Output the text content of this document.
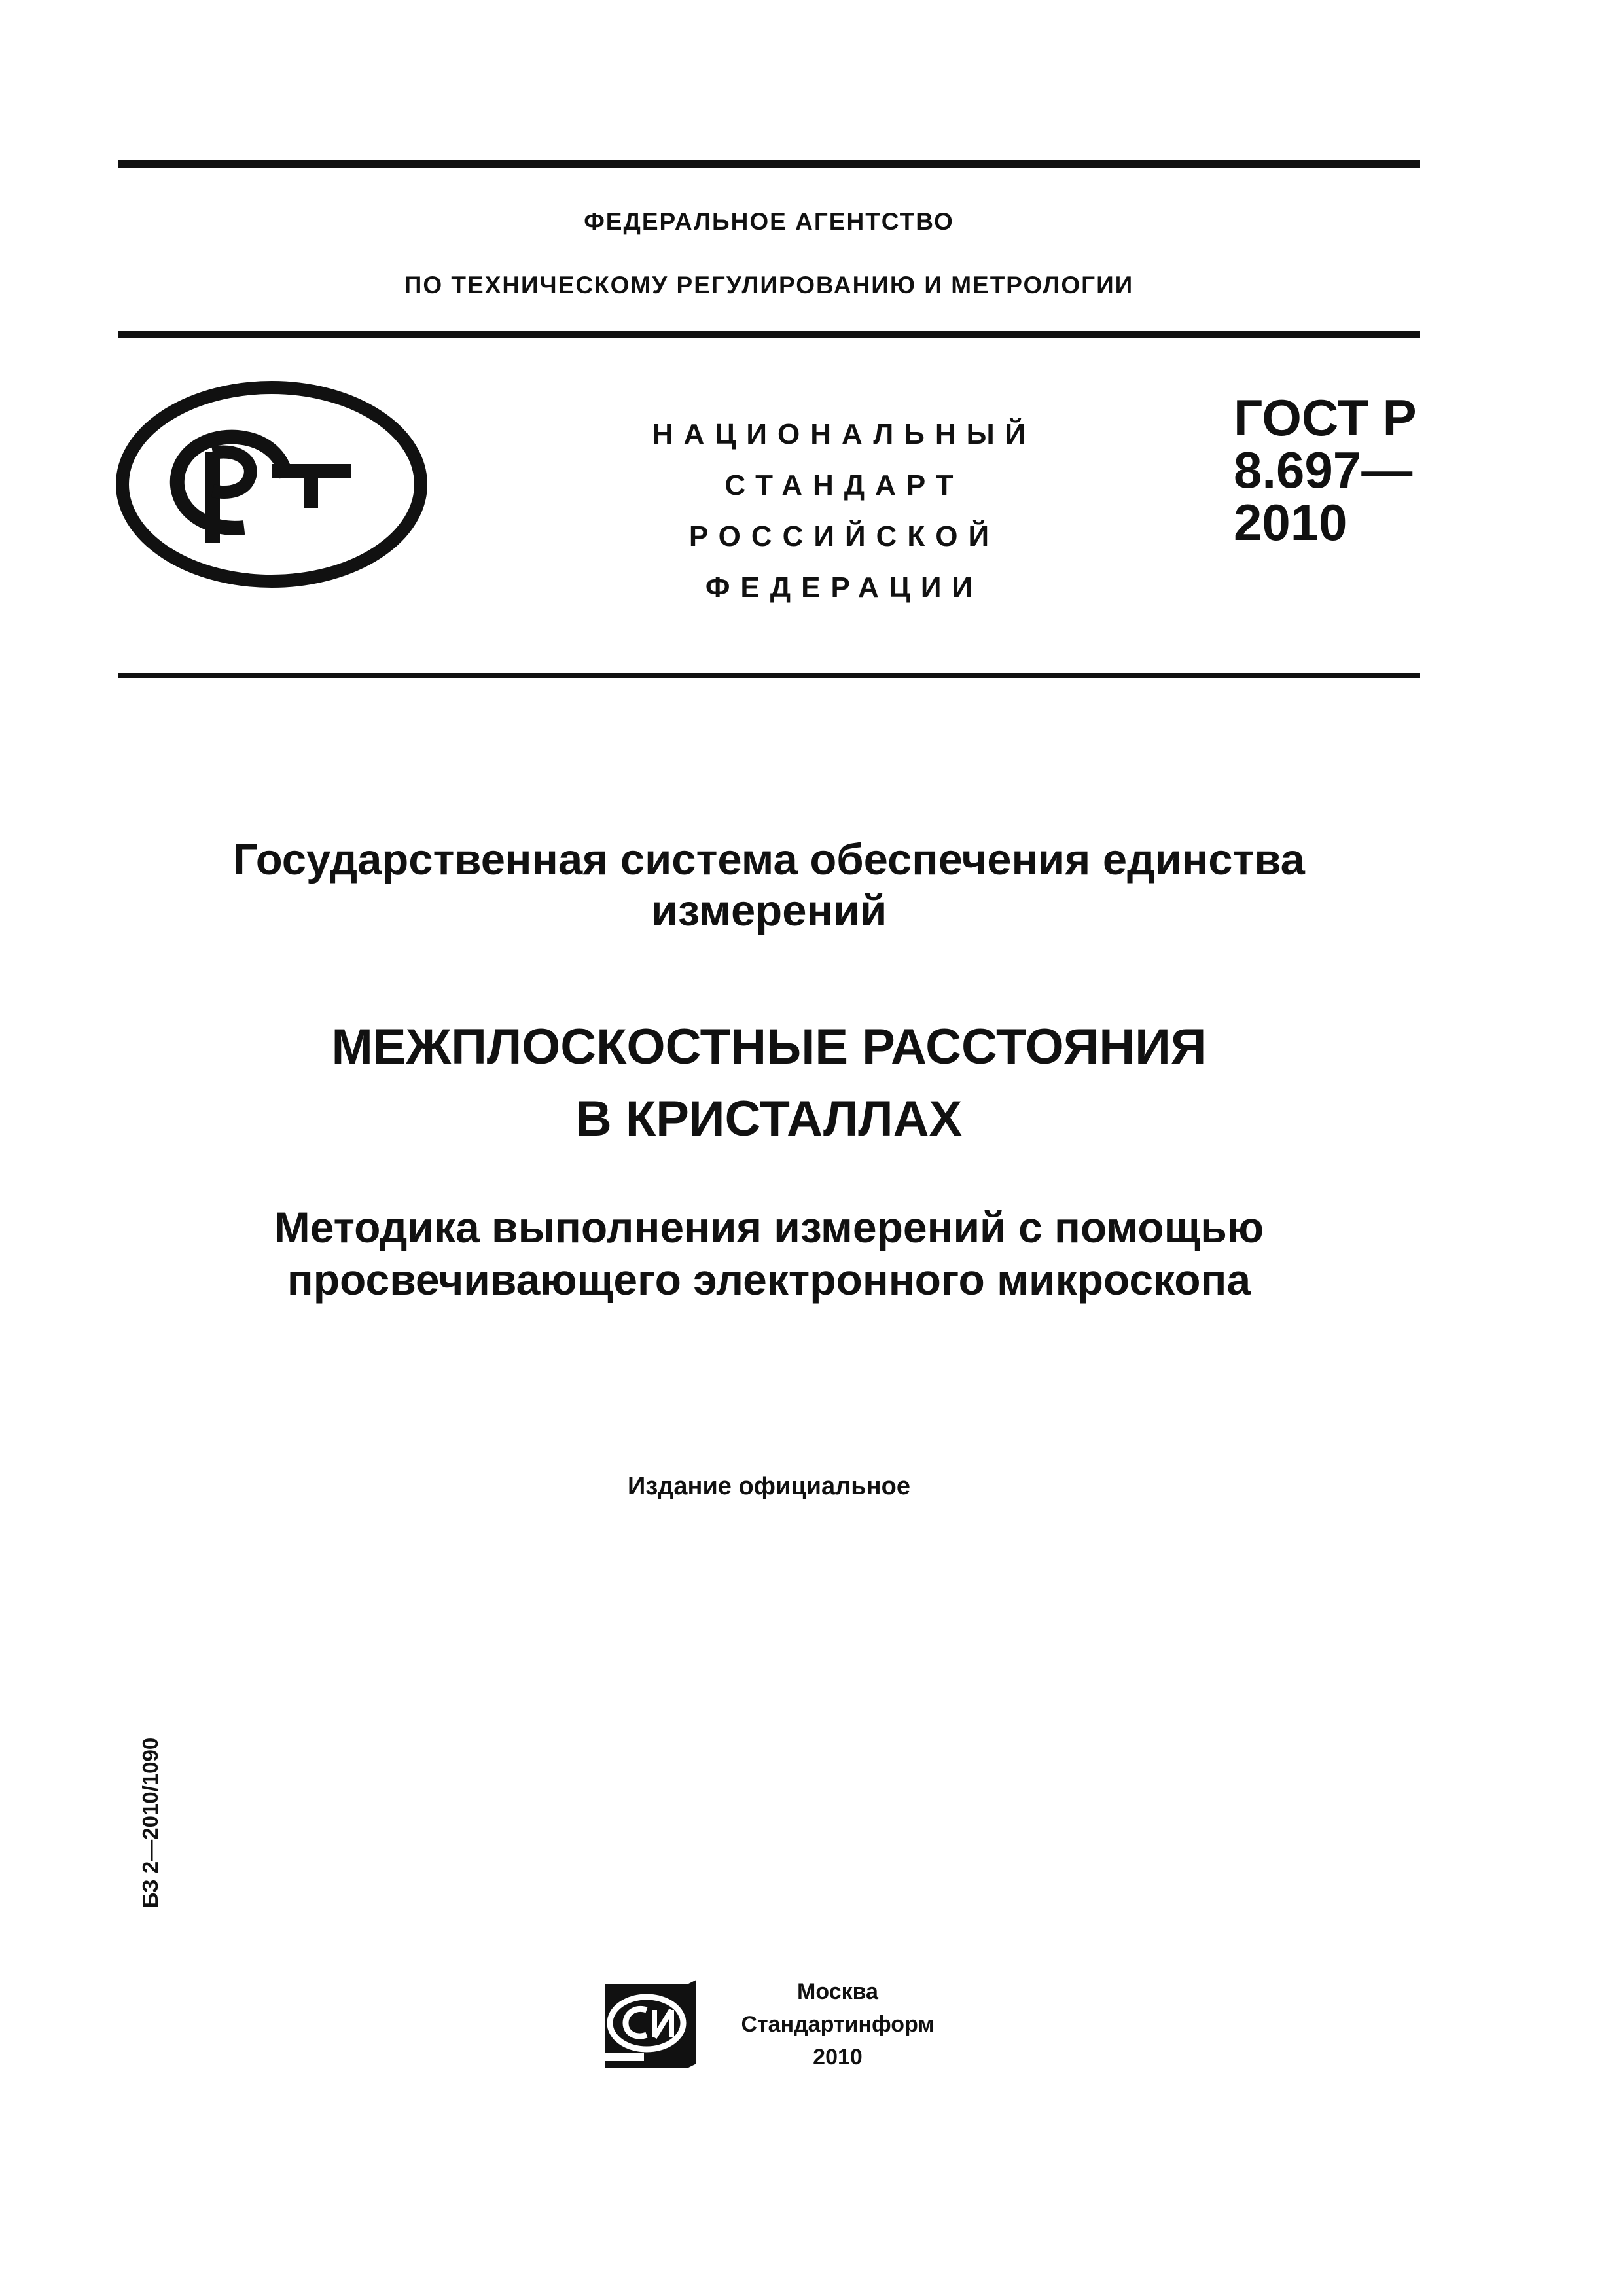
ФЕДЕРАЛЬНОЕ АГЕНТСТВО
ПО ТЕХНИЧЕСКОМУ РЕГУЛИРОВАНИЮ И МЕТРОЛОГИИ
НАЦИОНАЛЬНЫЙ
СТАНДАРТ
РОССИЙСКОЙ
ФЕДЕРАЦИИ
ГОСТ Р
8.697—
2010
Государственная система обеспечения единства
измерений
МЕЖПЛОСКОСТНЫЕ РАССТОЯНИЯ
В КРИСТАЛЛАХ
Методика выполнения измерений с помощью
просвечивающего электронного микроскопа
Издание официальное
БЗ 2—2010/1090
Москва
Стандартинформ
2010
